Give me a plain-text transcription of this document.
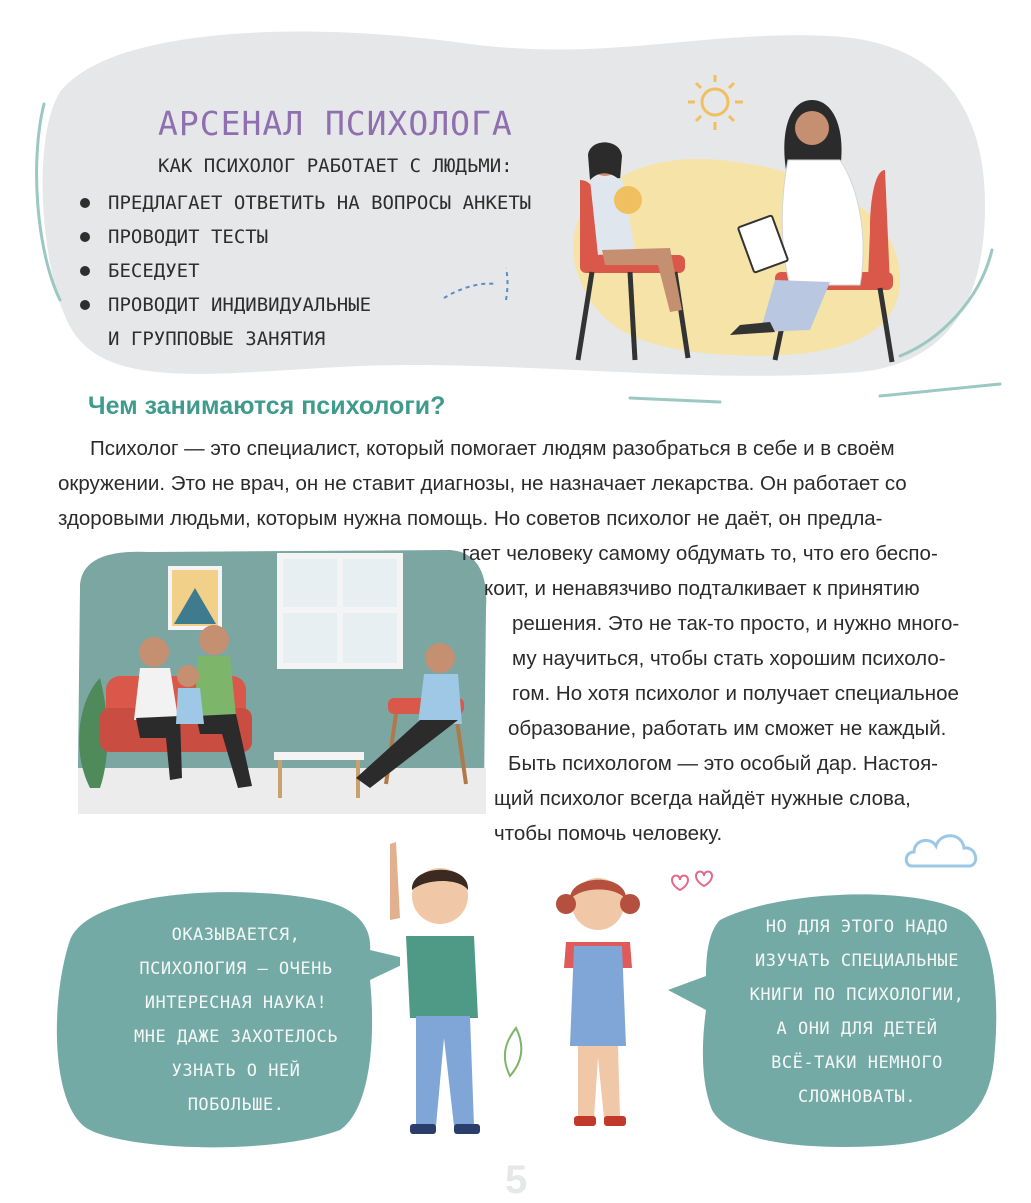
АРСЕНАЛ ПСИХОЛОГА
КАК ПСИХОЛОГ РАБОТАЕТ С ЛЮДЬМИ:
ПРЕДЛАГАЕТ ОТВЕТИТЬ НА ВОПРОСЫ АНКЕТЫ
ПРОВОДИТ ТЕСТЫ
БЕСЕДУЕТ
ПРОВОДИТ ИНДИВИДУАЛЬНЫЕ
И ГРУППОВЫЕ ЗАНЯТИЯ
Чем занимаются психологи?
Психолог — это специалист, который помогает людям разобраться в себе и в своём
окружении. Это не врач, он не ставит диагнозы, не назначает лекарства. Он работает со
здоровыми людьми, которым нужна помощь. Но советов психолог не даёт, он предла-
гает человеку самому обдумать то, что его беспо-
коит, и ненавязчиво подталкивает к принятию
решения. Это не так-то просто, и нужно много-
му научиться, чтобы стать хорошим психоло-
гом. Но хотя психолог и получает специальное
образование, работать им сможет не каждый.
Быть психологом — это особый дар. Настоя-
щий психолог всегда найдёт нужные слова,
чтобы помочь человеку.
ОКАЗЫВАЕТСЯ,
ПСИХОЛОГИЯ — ОЧЕНЬ
ИНТЕРЕСНАЯ НАУКА!
МНЕ ДАЖЕ ЗАХОТЕЛОСЬ
УЗНАТЬ О НЕЙ
ПОБОЛЬШЕ.
НО ДЛЯ ЭТОГО НАДО
ИЗУЧАТЬ СПЕЦИАЛЬНЫЕ
КНИГИ ПО ПСИХОЛОГИИ,
А ОНИ ДЛЯ ДЕТЕЙ
ВСЁ-ТАКИ НЕМНОГО
СЛОЖНОВАТЫ.
5
